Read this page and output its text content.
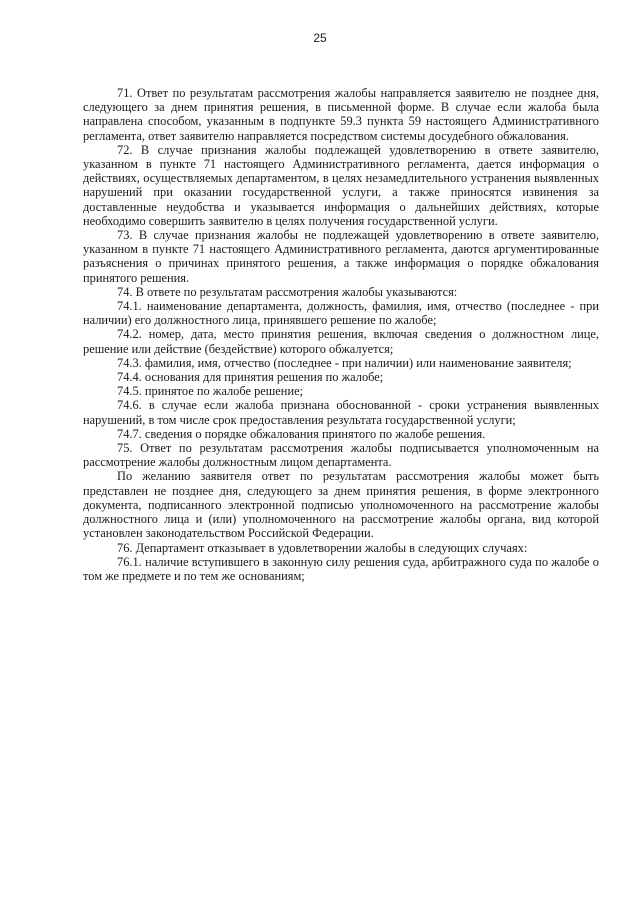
25

71. Ответ по результатам рассмотрения жалобы направляется заявителю не позднее дня, следующего за днем принятия решения, в письменной форме. В случае если жалоба была направлена способом, указанным в подпункте 59.3 пункта 59 настоящего Административного регламента, ответ заявителю направляется посредством системы досудебного обжалования.

72. В случае признания жалобы подлежащей удовлетворению в ответе заявителю, указанном в пункте 71 настоящего Административного регламента, дается информация о действиях, осуществляемых департаментом, в целях незамедлительного устранения выявленных нарушений при оказании государственной услуги, а также приносятся извинения за доставленные неудобства и указывается информация о дальнейших действиях, которые необходимо совершить заявителю в целях получения государственной услуги.

73. В случае признания жалобы не подлежащей удовлетворению в ответе заявителю, указанном в пункте 71 настоящего Административного регламента, даются аргументированные разъяснения о причинах принятого решения, а также информация о порядке обжалования принятого решения.

74. В ответе по результатам рассмотрения жалобы указываются:

74.1. наименование департамента, должность, фамилия, имя, отчество (последнее - при наличии) его должностного лица, принявшего решение по жалобе;

74.2. номер, дата, место принятия решения, включая сведения о должностном лице, решение или действие (бездействие) которого обжалуется;

74.3. фамилия, имя, отчество (последнее - при наличии) или наименование заявителя;

74.4. основания для принятия решения по жалобе;

74.5. принятое по жалобе решение;

74.6. в случае если жалоба признана обоснованной - сроки устранения выявленных нарушений, в том числе срок предоставления результата государственной услуги;

74.7. сведения о порядке обжалования принятого по жалобе решения.

75. Ответ по результатам рассмотрения жалобы подписывается уполномоченным на рассмотрение жалобы должностным лицом департамента.

По желанию заявителя ответ по результатам рассмотрения жалобы может быть представлен не позднее дня, следующего за днем принятия решения, в форме электронного документа, подписанного электронной подписью уполномоченного на рассмотрение жалобы должностного лица и (или) уполномоченного на рассмотрение жалобы органа, вид которой установлен законодательством Российской Федерации.

76. Департамент отказывает в удовлетворении жалобы в следующих случаях:

76.1. наличие вступившего в законную силу решения суда, арбитражного суда по жалобе о том же предмете и по тем же основаниям;
